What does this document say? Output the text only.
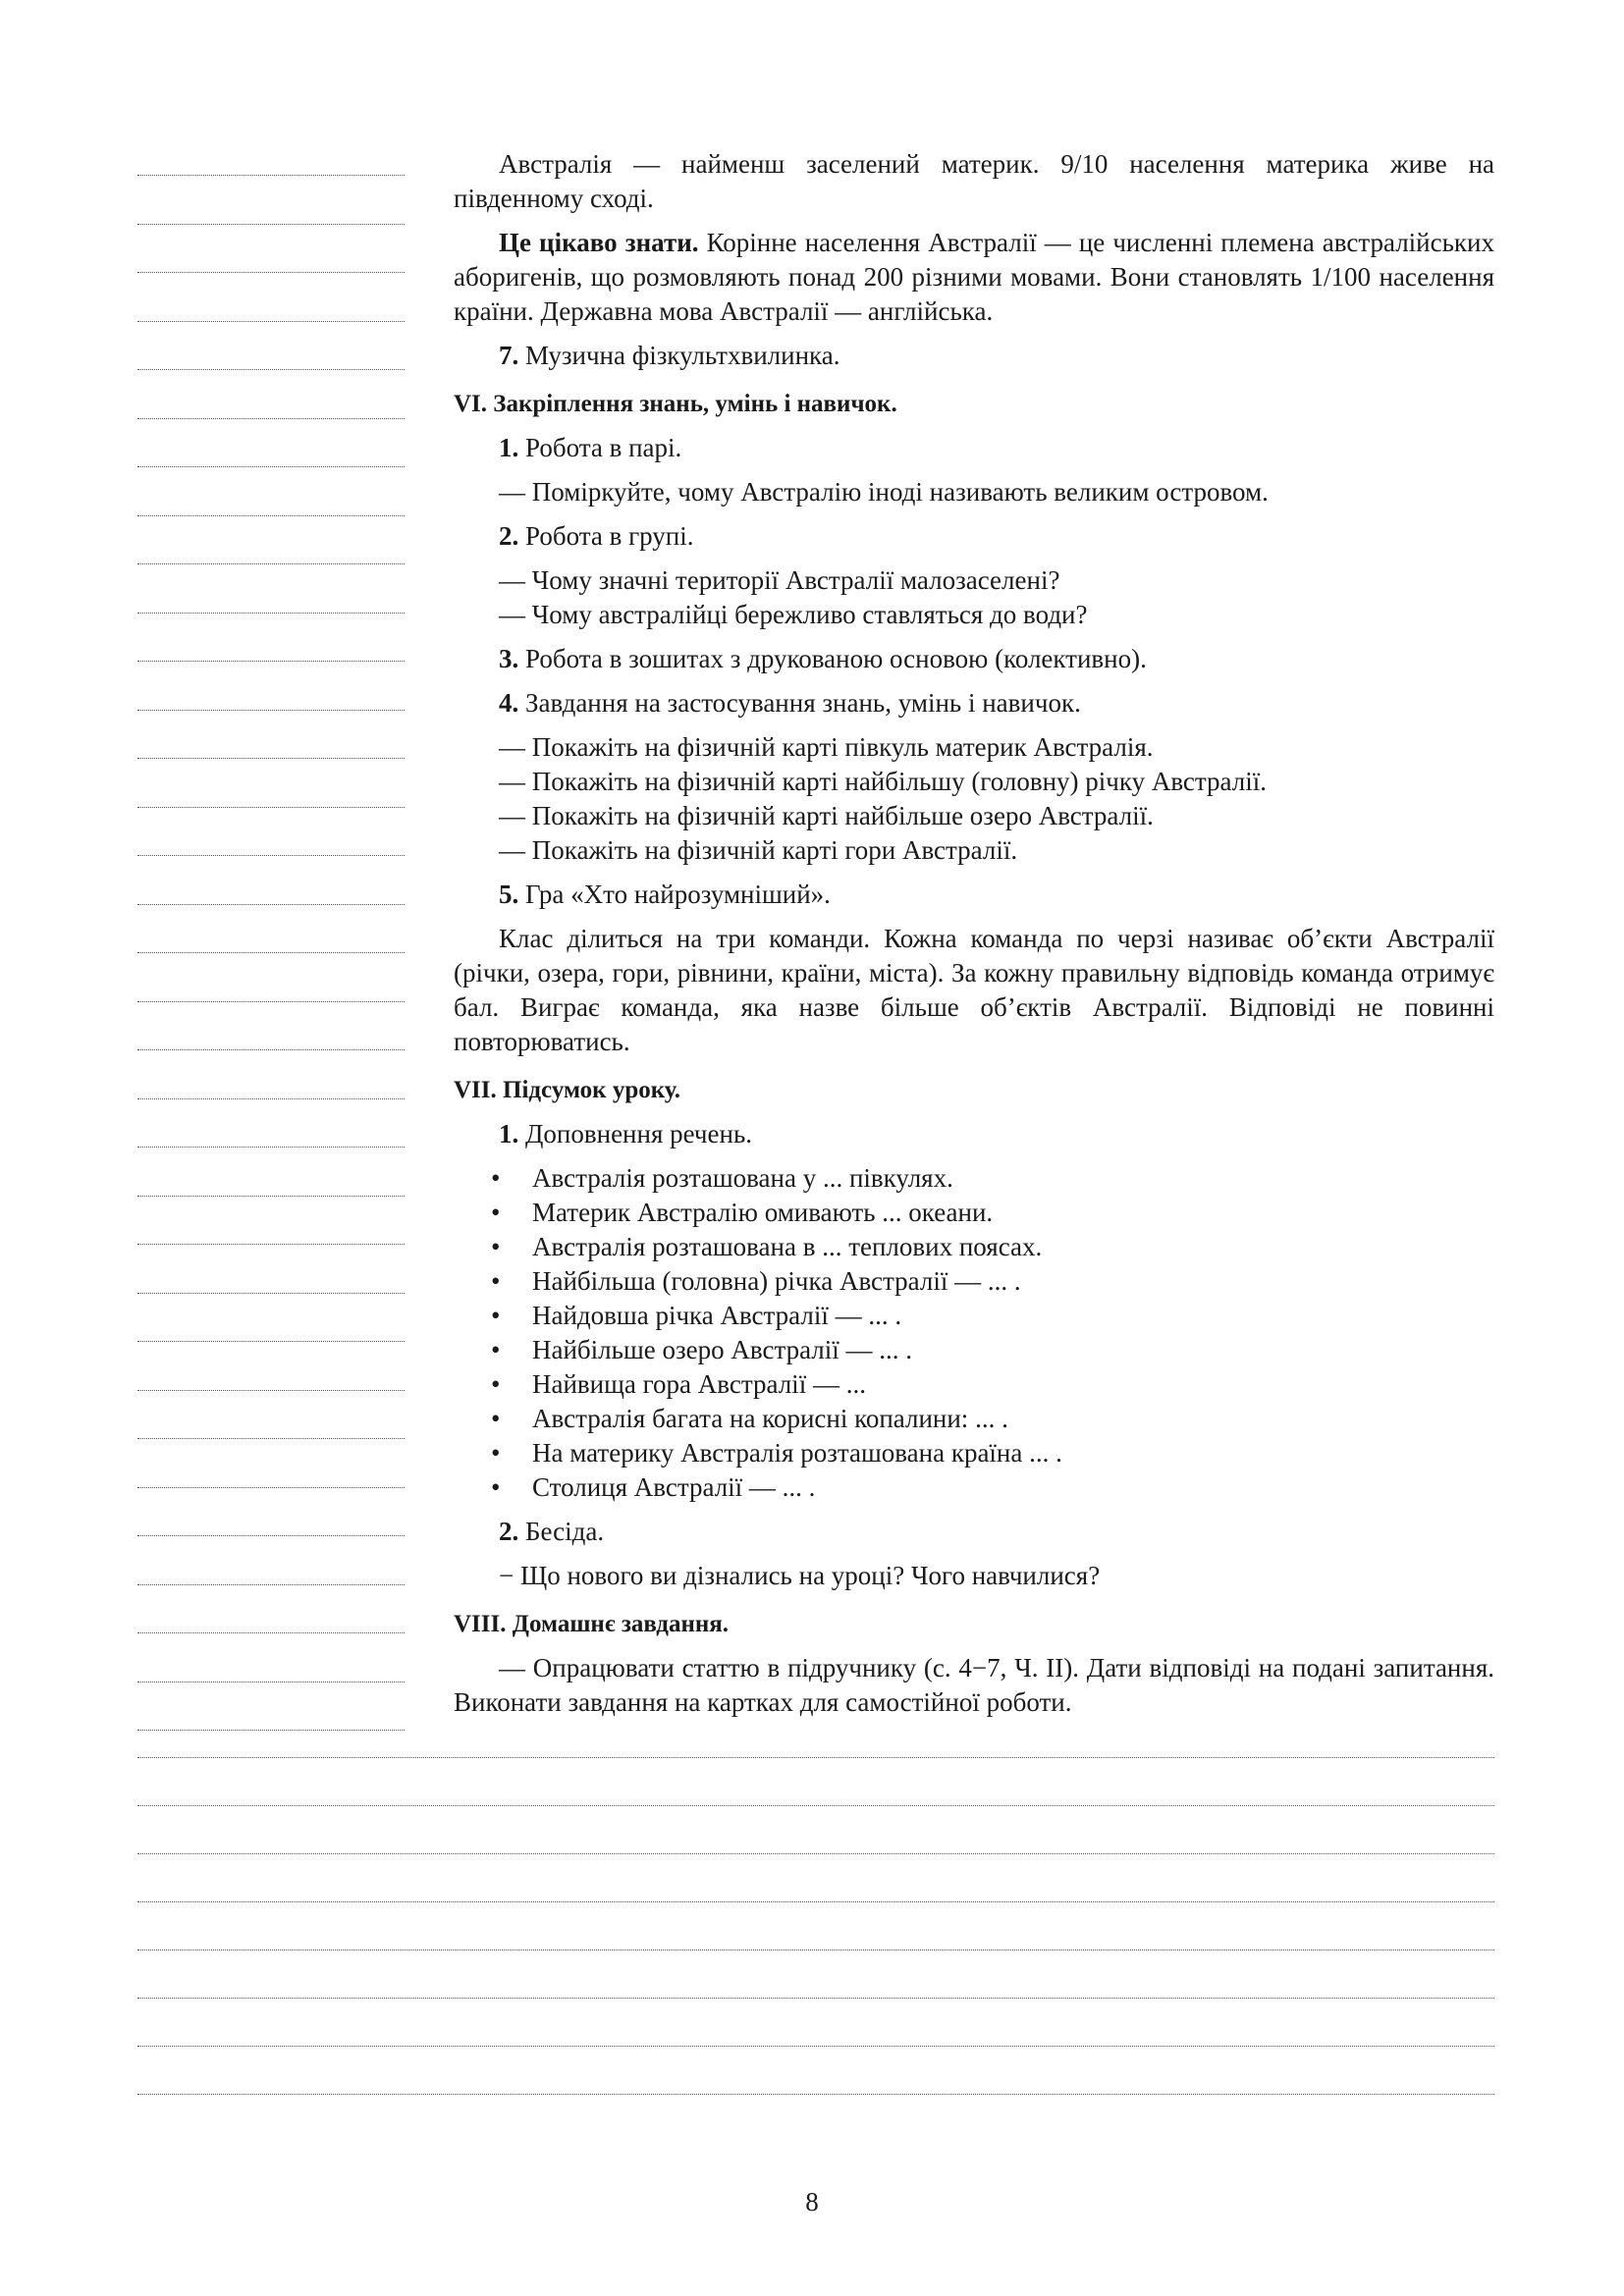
Австралія — найменш заселений материк. 9/10 населення материка живе на південному сході.

Це цікаво знати. Корінне населення Австралії — це численні племена австралійських аборигенів, що розмовляють понад 200 різними мовами. Вони становлять 1/100 населення країни. Державна мова Австралії — англійська.

7. Музична фізкультхвилинка.

VI. Закріплення знань, умінь і навичок.

1. Робота в парі.

— Поміркуйте, чому Австралію іноді називають великим островом.

2. Робота в групі.

— Чому значні території Австралії малозаселені?

— Чому австралійці бережливо ставляться до води?

3. Робота в зошитах з друкованою основою (колективно).

4. Завдання на застосування знань, умінь і навичок.

— Покажіть на фізичній карті півкуль материк Австралія.

— Покажіть на фізичній карті найбільшу (головну) річку Австралії.

— Покажіть на фізичній карті найбільше озеро Австралії.

— Покажіть на фізичній карті гори Австралії.

5. Гра «Хто найрозумніший».

Клас ділиться на три команди. Кожна команда по черзі називає об’єкти Австралії (річки, озера, гори, рівнини, країни, міста). За кожну правильну відповідь команда отримує бал. Виграє команда, яка назве більше об’єктів Австралії. Відповіді не повинні повторюватись.

VII. Підсумок уроку.

1. Доповнення речень.

• Австралія розташована у ... півкулях.
• Материк Австралію омивають ... океани.
• Австралія розташована в ... теплових поясах.
• Найбільша (головна) річка Австралії — ... .
• Найдовша річка Австралії — ... .
• Найбільше озеро Австралії — ... .
• Найвища гора Австралії — ...
• Австралія багата на корисні копалини: ... .
• На материку Австралія розташована країна ... .
• Столиця Австралії — ... .

2. Бесіда.

− Що нового ви дізнались на уроці? Чого навчилися?

VIII. Домашнє завдання.

— Опрацювати статтю в підручнику (с. 4−7, Ч. ІІ). Дати відповіді на подані запитання. Виконати завдання на картках для самостійної роботи.

8
